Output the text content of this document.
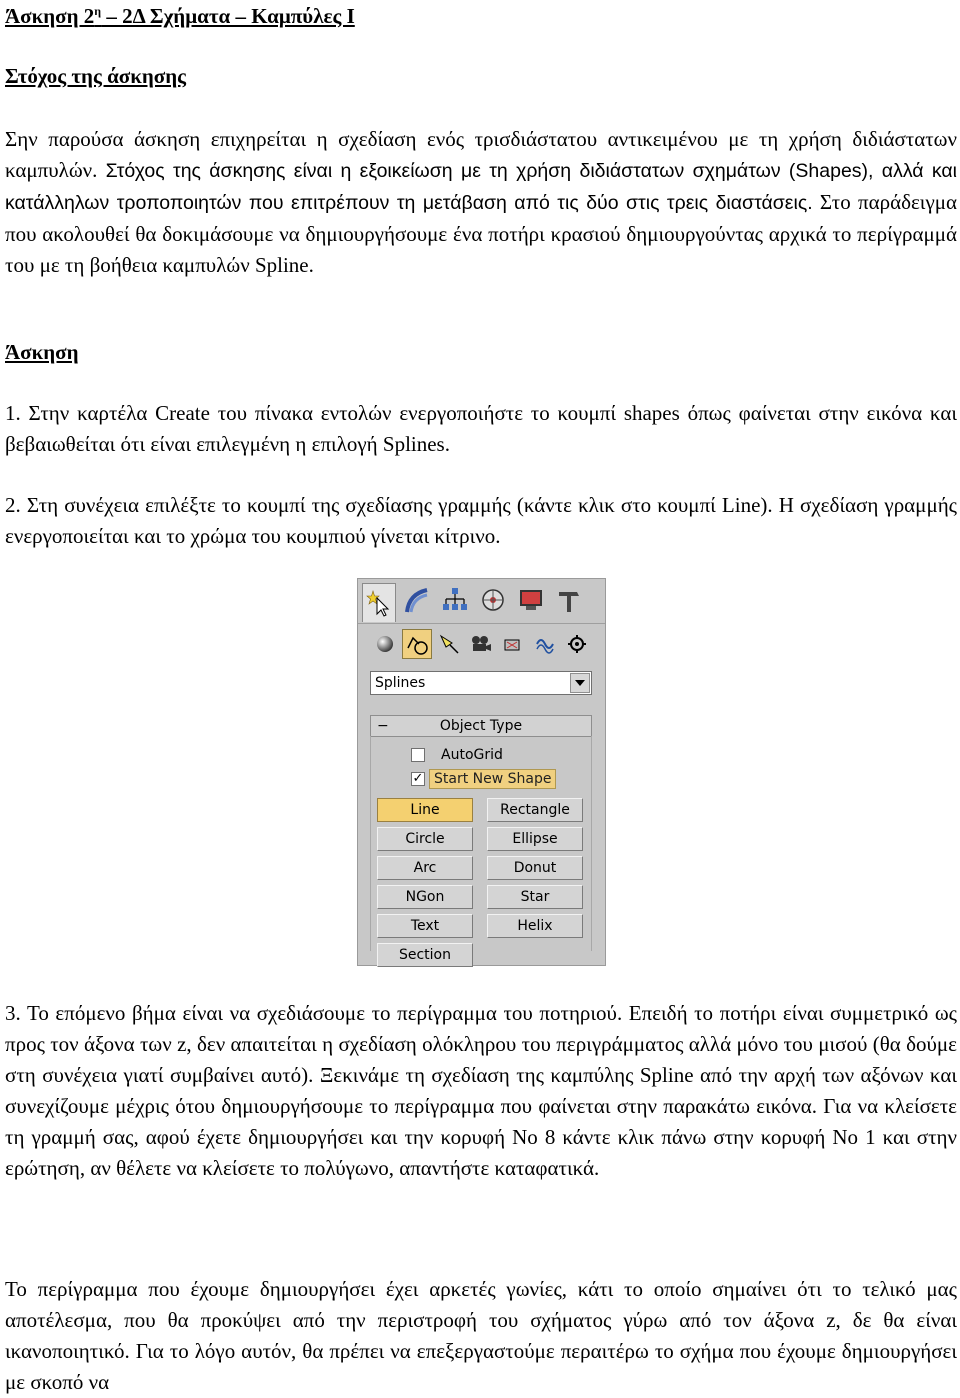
Άσκηση $2^\eta - 2\Delta$ Σχήματα – Καμπύλες Ι
Στόχος της άσκησης
Σην παρούσα άσκηση επιχηρείται η σχεδίαση ενός τρισδιάστατου αντικειμένου με τη χρήση διδιάστατων καμπυλών. Στόχος της άσκησης είναι η εξοικείωση με τη χρήση διδιάστατων σχημάτων (Shapes), αλλά και κατάλληλων τροποποιητών που επιτρέπουν τη μετάβαση από τις δύο στις τρεις διαστάσεις. Στο παράδειγμα που ακολουθεί θα δοκιμάσουμε να δημιουργήσουμε ένα ποτήρι κρασιού δημιουργούντας αρχικά το περίγραμμά του με τη βοήθεια καμπυλών Spline.
Άσκηση
1. Στην καρτέλα Create του πίνακα εντολών ενεργοποιήστε το κουμπί shapes όπως φαίνεται στην εικόνα και βεβαιωθείται ότι είναι επιλεγμένη η επιλογή Splines.
2. Στη συνέχεια επιλέξτε το κουμπί της σχεδίασης γραμμής (κάντε κλικ στο κουμπί Line). Η σχεδίαση γραμμής ενεργοποιείται και το χρώμα του κουμπιού γίνεται κίτρινο.
3. Το επόμενο βήμα είναι να σχεδιάσουμε το περίγραμμα του ποτηριού. Επειδή το ποτήρι είναι συμμετρικό ως προς τον άξονα των z, δεν απαιτείται η σχεδίαση ολόκληρου του περιγράμματος αλλά μόνο του μισού (θα δούμε στη συνέχεια γιατί συμβαίνει αυτό). Ξεκινάμε τη σχεδίαση της καμπύλης Spline από την αρχή των αξόνων και συνεχίζουμε μέχρις ότου δημιουργήσουμε το περίγραμμα που φαίνεται στην παρακάτω εικόνα. Για να κλείσετε τη γραμμή σας, αφού έχετε δημιουργήσει και την κορυφή Νο 8 κάντε κλικ πάνω στην κορυφή Νο 1 και στην ερώτηση, αν θέλετε να κλείσετε το πολύγωνο, απαντήστε καταφατικά.
Το περίγραμμα που έχουμε δημιουργήσει έχει αρκετές γωνίες, κάτι το οποίο σημαίνει ότι το τελικό μας αποτέλεσμα, που θα προκύψει από την περιστροφή του σχήματος γύρω από τον άξονα z, δε θα είναι ικανοποιητικό. Για το λόγο αυτόν, θα πρέπει να επεξεργαστούμε περαιτέρω το σχήμα που έχουμε δημιουργήσει με σκοπό να
Splines
−	Object Type
AutoGrid
✓ Start New Shape
Line	Rectangle
Circle	Ellipse
Arc	Donut
NGon	Star
Text	Helix
Section
